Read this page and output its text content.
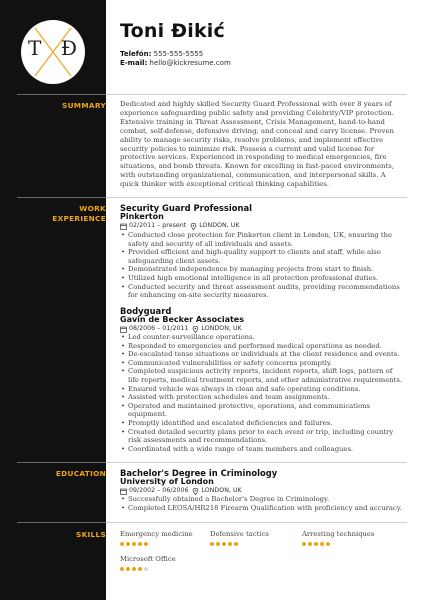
T Đ
Toni Đikić
Telefón: 555-555-5555
E-mail: hello@kickresume.com
SUMMARY Dedicated and highly skilled Security Guard Professional with over 8 years of experience safeguarding public safety and providing Celebrity/VIP protection. Extensive training in Threat Assessment, Crisis Management, hand-to-hand combat, self-defense, defensive driving, and conceal and carry license. Proven ability to manage security risks, resolve problems, and implement effective security policies to minimize risk. Possess a current and valid license for protective services. Experienced in responding to medical emergencies, fire situations, and bomb threats. Known for excelling in fast-paced environments, with outstanding organizational, communication, and interpersonal skills. A quick thinker with exceptional critical thinking capabilities.
WORK
EXPERIENCE
Security Guard Professional
Pinkerton
02/2011 – present LONDON, UK
• Conducted close protection for Pinkerton client in London, UK, ensuring the safety and security of all individuals and assets.
• Provided efficient and high-quality support to clients and staff, while also safeguarding client assets.
• Demonstrated independence by managing projects from start to finish.
• Utilized high emotional intelligence in all protection professional duties.
• Conducted security and threat assessment audits, providing recommendations for enhancing on-site security measures.
Bodyguard
Gavin de Becker Associates
08/2006 – 01/2011 LONDON, UK
• Led counter-surveillance operations.
• Responded to emergencies and performed medical operations as needed.
• De-escalated tense situations or individuals at the client residence and events.
• Communicated vulnerabilities or safety concerns promptly.
• Completed suspicious activity reports, incident reports, shift logs, pattern of life reports, medical treatment reports, and other administrative requirements.
• Ensured vehicle was always in clean and safe operating conditions.
• Assisted with protection schedules and team assignments.
• Operated and maintained protective, operations, and communications equipment.
• Promptly identified and escalated deficiencies and failures.
• Created detailed security plans prior to each event or trip, including country risk assessments and recommendations.
• Coordinated with a wide range of team members and colleagues.
EDUCATION Bachelor's Degree in Criminology
University of London
09/2002 – 06/2006 LONDON, UK
• Successfully obtained a Bachelor's Degree in Criminology.
• Completed LEOSA/HR218 Firearm Qualification with proficiency and accuracy.
SKILLS Emergency medicine	Defensive tactics	Arresting techniques
Microsoft Office
